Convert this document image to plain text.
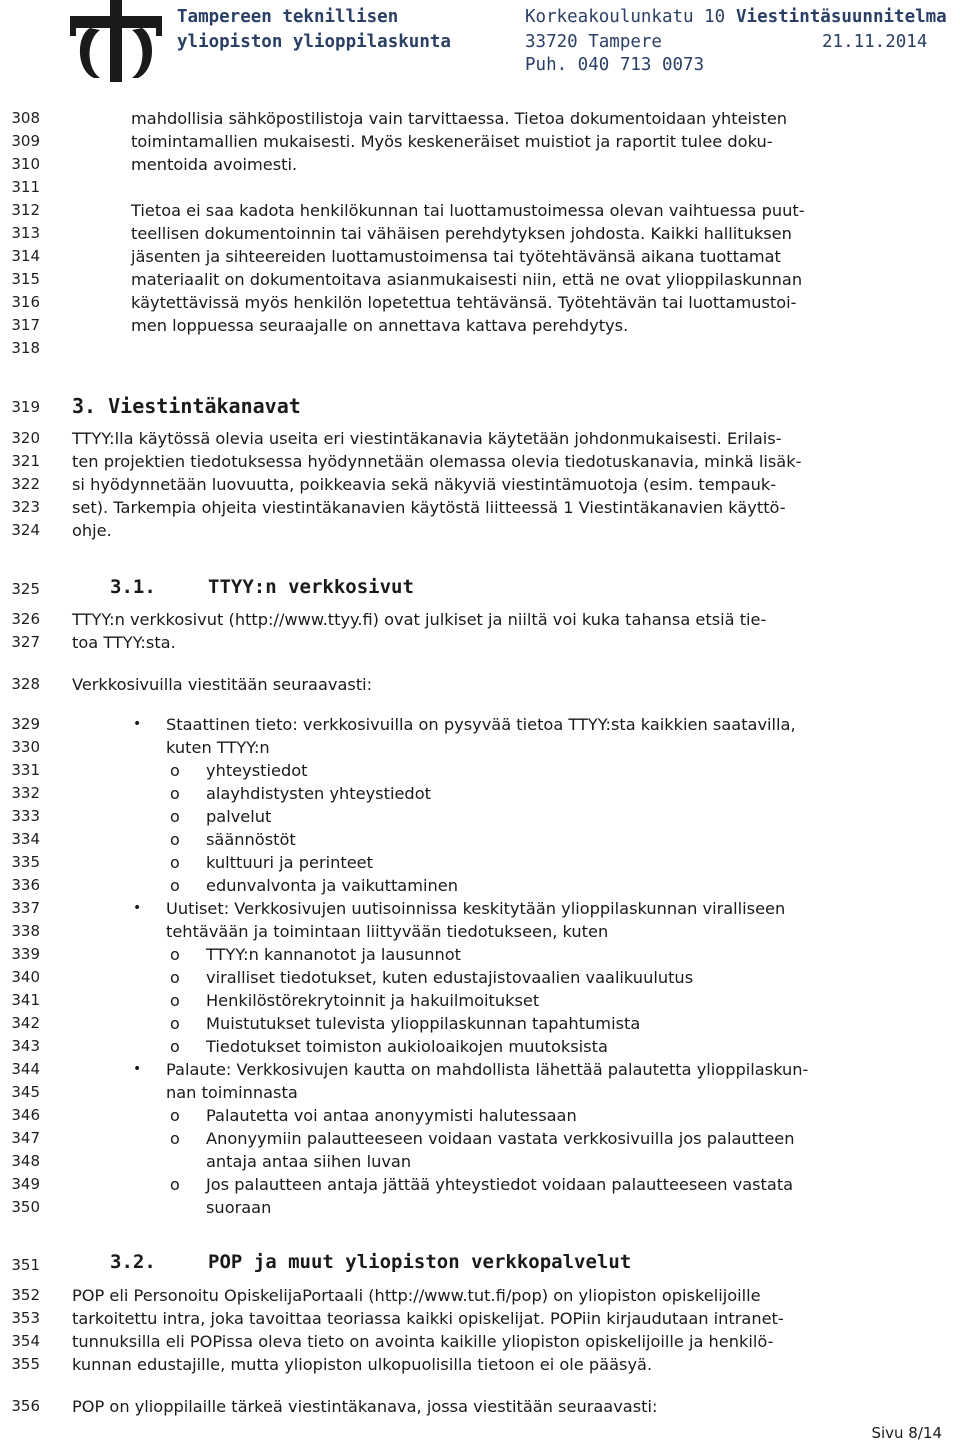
Tampereen teknillisen
yliopiston ylioppilaskunta
Korkeakoulunkatu 10
33720 Tampere
Puh. 040 713 0073
Viestintäsuunnitelma
21.11.2014
308
309
310
311
312
313
314
315
316
317
318
319
320
321
322
323
324
325
326
327
328
329
330
331
332
333
334
335
336
337
338
339
340
341
342
343
344
345
346
347
348
349
350
351
352
353
354
355
356
mahdollisia sähköpostilistoja vain tarvittaessa. Tietoa dokumentoidaan yhteisten
toimintamallien mukaisesti. Myös keskeneräiset muistiot ja raportit tulee doku-
mentoida avoimesti.
Tietoa ei saa kadota henkilökunnan tai luottamustoimessa olevan vaihtuessa puut-
teellisen dokumentoinnin tai vähäisen perehdytyksen johdosta. Kaikki hallituksen
jäsenten ja sihteereiden luottamustoimensa tai työtehtävänsä aikana tuottamat
materiaalit on dokumentoitava asianmukaisesti niin, että ne ovat ylioppilaskunnan
käytettävissä myös henkilön lopetettua tehtävänsä. Työtehtävän tai luottamustoi-
men loppuessa seuraajalle on annettava kattava perehdytys.
3. Viestintäkanavat
TTYY:lla käytössä olevia useita eri viestintäkanavia käytetään johdonmukaisesti. Erilais-
ten projektien tiedotuksessa hyödynnetään olemassa olevia tiedotuskanavia, minkä lisäk-
si hyödynnetään luovuutta, poikkeavia sekä näkyviä viestintämuotoja (esim. tempauk-
set). Tarkempia ohjeita viestintäkanavien käytöstä liitteessä 1 Viestintäkanavien käyttö-
ohje.
3.1.	TTYY:n verkkosivut
TTYY:n verkkosivut (http://www.ttyy.fi) ovat julkiset ja niiltä voi kuka tahansa etsiä tie-
toa TTYY:sta.
Verkkosivuilla viestitään seuraavasti:
• Staattinen tieto: verkkosivuilla on pysyvää tietoa TTYY:sta kaikkien saatavilla,
kuten TTYY:n
o yhteystiedot
o alayhdistysten yhteystiedot
o palvelut
o säännöstöt
o kulttuuri ja perinteet
o edunvalvonta ja vaikuttaminen
• Uutiset: Verkkosivujen uutisoinnissa keskitytään ylioppilaskunnan viralliseen
tehtävään ja toimintaan liittyvään tiedotukseen, kuten
o TTYY:n kannanotot ja lausunnot
o viralliset tiedotukset, kuten edustajistovaalien vaalikuulutus
o Henkilöstörekrytoinnit ja hakuilmoitukset
o Muistutukset tulevista ylioppilaskunnan tapahtumista
o Tiedotukset toimiston aukioloaikojen muutoksista
• Palaute: Verkkosivujen kautta on mahdollista lähettää palautetta ylioppilaskun-
nan toiminnasta
o Palautetta voi antaa anonyymisti halutessaan
o Anonyymiin palautteeseen voidaan vastata verkkosivuilla jos palautteen
antaja antaa siihen luvan
o Jos palautteen antaja jättää yhteystiedot voidaan palautteeseen vastata
suoraan
3.2.	POP ja muut yliopiston verkkopalvelut
POP eli Personoitu OpiskelijaPortaali (http://www.tut.fi/pop) on yliopiston opiskelijoille
tarkoitettu intra, joka tavoittaa teoriassa kaikki opiskelijat. POPiin kirjaudutaan intranet-
tunnuksilla eli POPissa oleva tieto on avointa kaikille yliopiston opiskelijoille ja henkilö-
kunnan edustajille, mutta yliopiston ulkopuolisilla tietoon ei ole pääsyä.
POP on ylioppilaille tärkeä viestintäkanava, jossa viestitään seuraavasti:
Sivu 8/14
